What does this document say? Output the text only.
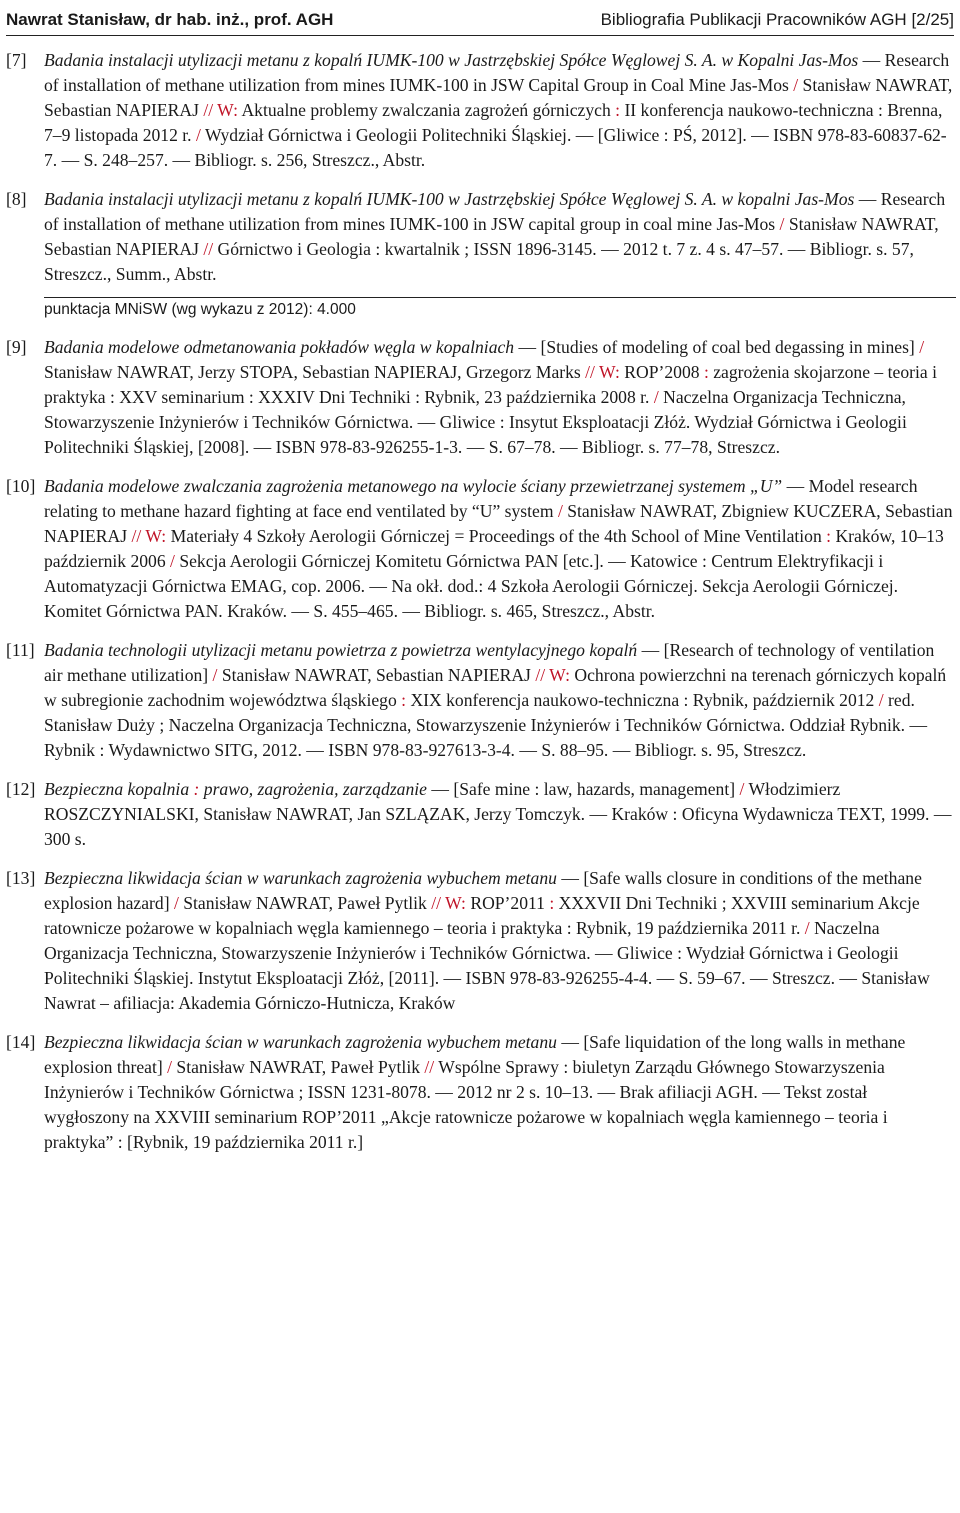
Nawrat Stanisław, dr hab. inż., prof. AGH	Bibliografia Publikacji Pracowników AGH [2/25]
[7] Badania instalacji utylizacji metanu z kopalń IUMK-100 w Jastrzębskiej Spółce Węglowej S. A. w Kopalni Jas-Mos — Research of installation of methane utilization from mines IUMK-100 in JSW Capital Group in Coal Mine Jas-Mos / Stanisław NAWRAT, Sebastian NAPIERAJ // W: Aktualne problemy zwalczania zagrożeń górniczych : II konferencja naukowo-techniczna : Brenna, 7–9 listopada 2012 r. / Wydział Górnictwa i Geologii Politechniki Śląskiej. — [Gliwice : PŚ, 2012]. — ISBN 978-83-60837-62-7. — S. 248–257. — Bibliogr. s. 256, Streszcz., Abstr.
[8] Badania instalacji utylizacji metanu z kopalń IUMK-100 w Jastrzębskiej Spółce Węglowej S. A. w kopalni Jas-Mos — Research of installation of methane utilization from mines IUMK-100 in JSW capital group in coal mine Jas-Mos / Stanisław NAWRAT, Sebastian NAPIERAJ // Górnictwo i Geologia : kwartalnik ; ISSN 1896-3145. — 2012 t. 7 z. 4 s. 47–57. — Bibliogr. s. 57, Streszcz., Summ., Abstr.
punktacja MNiSW (wg wykazu z 2012): 4.000
[9] Badania modelowe odmetanowania pokładów węgla w kopalniach — [Studies of modeling of coal bed degassing in mines] / Stanisław NAWRAT, Jerzy STOPA, Sebastian NAPIERAJ, Grzegorz Marks // W: ROP’2008 : zagrożenia skojarzone – teoria i praktyka : XXV seminarium : XXXIV Dni Techniki : Rybnik, 23 października 2008 r. / Naczelna Organizacja Techniczna, Stowarzyszenie Inżynierów i Techników Górnictwa. — Gliwice : Insytut Eksploatacji Złóż. Wydział Górnictwa i Geologii Politechniki Śląskiej, [2008]. — ISBN 978-83-926255-1-3. — S. 67–78. — Bibliogr. s. 77–78, Streszcz.
[10] Badania modelowe zwalczania zagrożenia metanowego na wylocie ściany przewietrzanej systemem „U” — Model research relating to methane hazard fighting at face end ventilated by “U” system / Stanisław NAWRAT, Zbigniew KUCZERA, Sebastian NAPIERAJ // W: Materiały 4 Szkoły Aerologii Górniczej = Proceedings of the 4th School of Mine Ventilation : Kraków, 10–13 październik 2006 / Sekcja Aerologii Górniczej Komitetu Górnictwa PAN [etc.]. — Katowice : Centrum Elektryfikacji i Automatyzacji Górnictwa EMAG, cop. 2006. — Na okł. dod.: 4 Szkoła Aerologii Górniczej. Sekcja Aerologii Górniczej. Komitet Górnictwa PAN. Kraków. — S. 455–465. — Bibliogr. s. 465, Streszcz., Abstr.
[11] Badania technologii utylizacji metanu powietrza z powietrza wentylacyjnego kopalń — [Research of technology of ventilation air methane utilization] / Stanisław NAWRAT, Sebastian NAPIERAJ // W: Ochrona powierzchni na terenach górniczych kopalń w subregionie zachodnim województwa śląskiego : XIX konferencja naukowo-techniczna : Rybnik, październik 2012 / red. Stanisław Duży ; Naczelna Organizacja Techniczna, Stowarzyszenie Inżynierów i Techników Górnictwa. Oddział Rybnik. — Rybnik : Wydawnictwo SITG, 2012. — ISBN 978-83-927613-3-4. — S. 88–95. — Bibliogr. s. 95, Streszcz.
[12] Bezpieczna kopalnia : prawo, zagrożenia, zarządzanie — [Safe mine : law, hazards, management] / Włodzimierz ROSZCZYNIALSKI, Stanisław NAWRAT, Jan SZLĄZAK, Jerzy Tomczyk. — Kraków : Oficyna Wydawnicza TEXT, 1999. — 300 s.
[13] Bezpieczna likwidacja ścian w warunkach zagrożenia wybuchem metanu — [Safe walls closure in conditions of the methane explosion hazard] / Stanisław NAWRAT, Paweł Pytlik // W: ROP’2011 : XXXVII Dni Techniki ; XXVIII seminarium Akcje ratownicze pożarowe w kopalniach węgla kamiennego – teoria i praktyka : Rybnik, 19 października 2011 r. / Naczelna Organizacja Techniczna, Stowarzyszenie Inżynierów i Techników Górnictwa. — Gliwice : Wydział Górnictwa i Geologii Politechniki Śląskiej. Instytut Eksploatacji Złóż, [2011]. — ISBN 978-83-926255-4-4. — S. 59–67. — Streszcz. — Stanisław Nawrat – afiliacja: Akademia Górniczo-Hutnicza, Kraków
[14] Bezpieczna likwidacja ścian w warunkach zagrożenia wybuchem metanu — [Safe liquidation of the long walls in methane explosion threat] / Stanisław NAWRAT, Paweł Pytlik // Wspólne Sprawy : biuletyn Zarządu Głównego Stowarzyszenia Inżynierów i Techników Górnictwa ; ISSN 1231-8078. — 2012 nr 2 s. 10–13. — Brak afiliacji AGH. — Tekst został wygłoszony na XXVIII seminarium ROP’2011 „Akcje ratownicze pożarowe w kopalniach węgla kamiennego – teoria i praktyka” : [Rybnik, 19 października 2011 r.]
